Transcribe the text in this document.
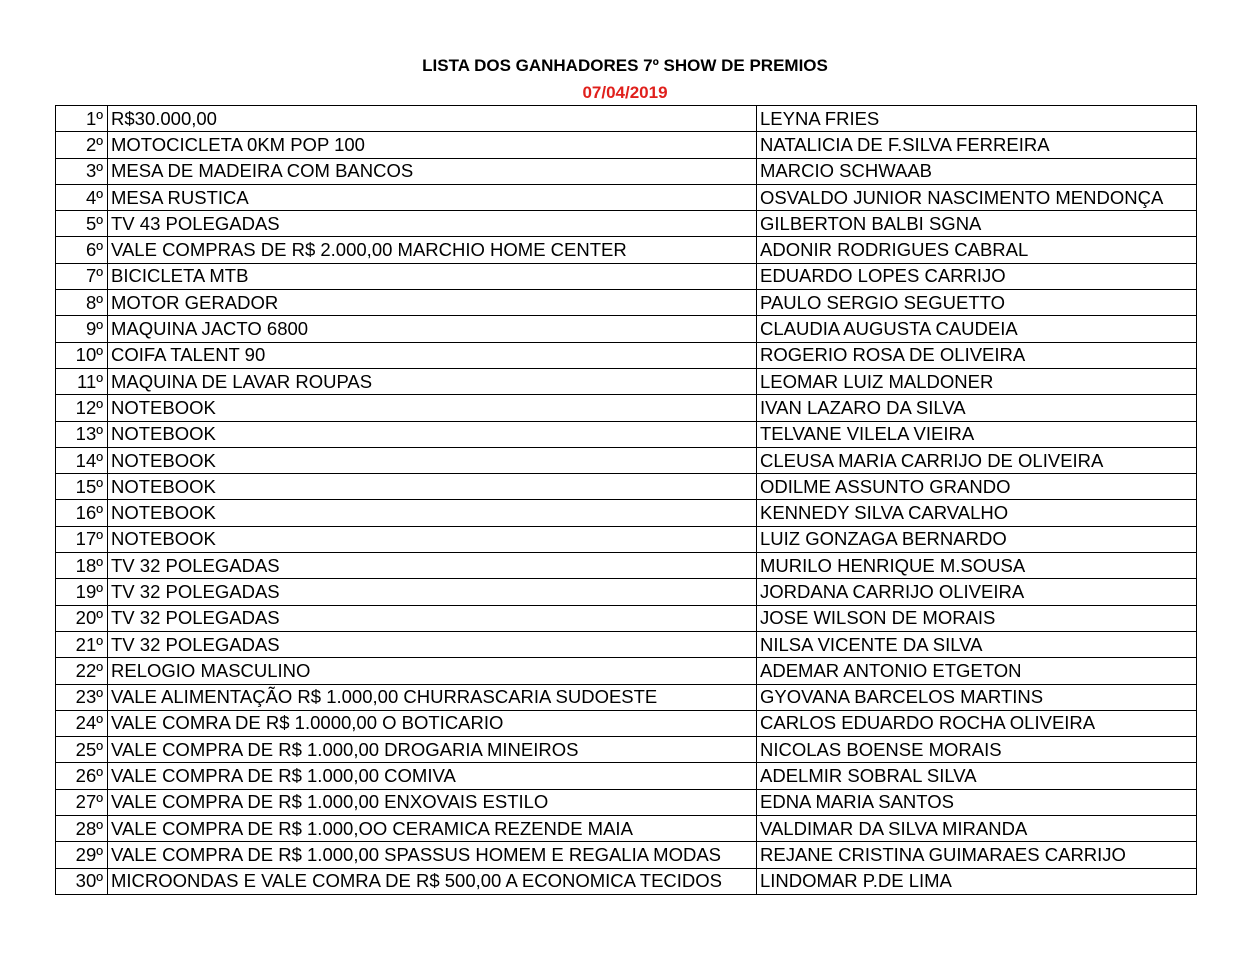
LISTA DOS GANHADORES 7º SHOW DE PREMIOS
07/04/2019
1º	R$30.000,00	LEYNA FRIES
2º	MOTOCICLETA 0KM POP 100	NATALICIA DE F.SILVA FERREIRA
3º	MESA DE MADEIRA COM BANCOS	MARCIO SCHWAAB
4º	MESA RUSTICA	OSVALDO JUNIOR NASCIMENTO MENDONÇA
5º	TV 43 POLEGADAS	GILBERTON BALBI SGNA
6º	VALE COMPRAS DE R$ 2.000,00 MARCHIO HOME CENTER	ADONIR RODRIGUES CABRAL
7º	BICICLETA MTB	EDUARDO LOPES CARRIJO
8º	MOTOR GERADOR	PAULO SERGIO SEGUETTO
9º	MAQUINA JACTO 6800	CLAUDIA AUGUSTA CAUDEIA
10º	COIFA TALENT 90	ROGERIO ROSA DE OLIVEIRA
11º	MAQUINA DE LAVAR ROUPAS	LEOMAR LUIZ MALDONER
12º	NOTEBOOK	IVAN LAZARO DA SILVA
13º	NOTEBOOK	TELVANE VILELA VIEIRA
14º	NOTEBOOK	CLEUSA MARIA CARRIJO DE OLIVEIRA
15º	NOTEBOOK	ODILME ASSUNTO GRANDO
16º	NOTEBOOK	KENNEDY SILVA CARVALHO
17º	NOTEBOOK	LUIZ GONZAGA BERNARDO
18º	TV 32 POLEGADAS	MURILO HENRIQUE M.SOUSA
19º	TV 32 POLEGADAS	JORDANA CARRIJO OLIVEIRA
20º	TV 32 POLEGADAS	JOSE WILSON DE MORAIS
21º	TV 32 POLEGADAS	NILSA VICENTE DA SILVA
22º	RELOGIO MASCULINO	ADEMAR ANTONIO ETGETON
23º	VALE ALIMENTAÇÃO R$ 1.000,00 CHURRASCARIA SUDOESTE	GYOVANA BARCELOS MARTINS
24º	VALE COMRA DE R$ 1.0000,00 O BOTICARIO	CARLOS EDUARDO ROCHA OLIVEIRA
25º	VALE COMPRA DE R$ 1.000,00 DROGARIA MINEIROS	NICOLAS BOENSE MORAIS
26º	VALE COMPRA DE R$ 1.000,00 COMIVA	ADELMIR SOBRAL SILVA
27º	VALE COMPRA DE R$ 1.000,00 ENXOVAIS ESTILO	EDNA MARIA SANTOS
28º	VALE COMPRA DE R$ 1.000,OO CERAMICA REZENDE MAIA	VALDIMAR DA SILVA MIRANDA
29º	VALE COMPRA DE R$ 1.000,00 SPASSUS HOMEM E REGALIA MODAS	REJANE CRISTINA GUIMARAES CARRIJO
30º	MICROONDAS E VALE COMRA DE R$ 500,00 A ECONOMICA TECIDOS	LINDOMAR P.DE LIMA
